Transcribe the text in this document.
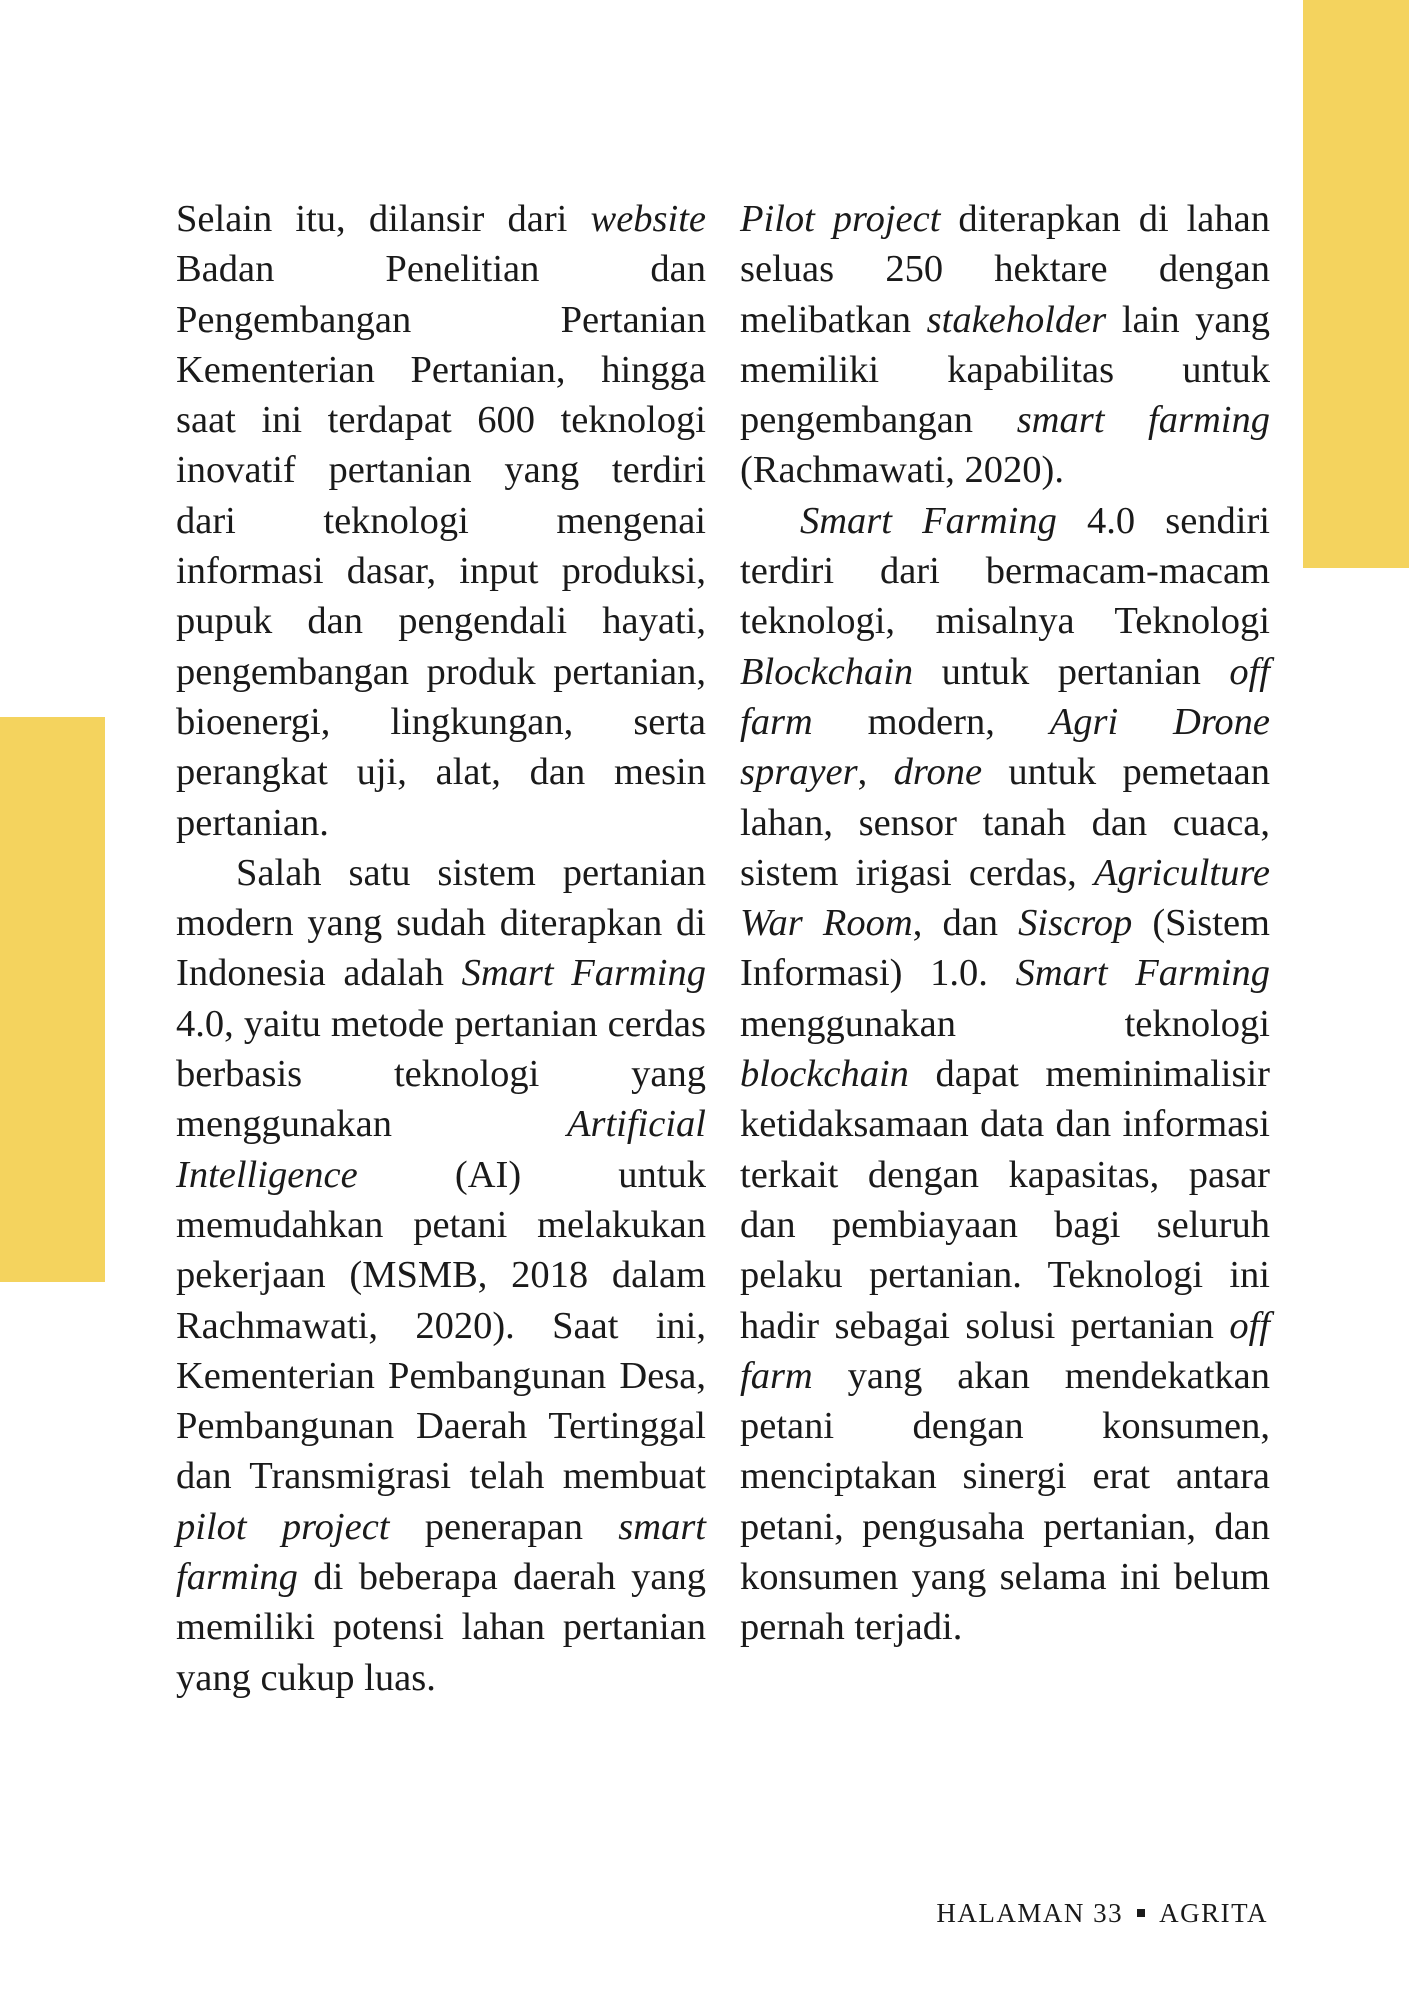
Selain itu, dilansir dari website Badan Penelitian dan Pengembangan Pertanian Kementerian Pertanian, hingga saat ini terdapat 600 teknologi inovatif pertanian yang terdiri dari teknologi mengenai informasi dasar, input produksi, pupuk dan pengendali hayati, pengembangan produk pertanian, bioenergi, lingkungan, serta perangkat uji, alat, dan mesin pertanian.

Salah satu sistem pertanian modern yang sudah diterapkan di Indonesia adalah Smart Farming 4.0, yaitu metode pertanian cerdas berbasis teknologi yang menggunakan Artificial Intelligence (AI) untuk memudahkan petani melakukan pekerjaan (MSMB, 2018 dalam Rachmawati, 2020). Saat ini, Kementerian Pembangunan Desa, Pembangunan Daerah Tertinggal dan Transmigrasi telah membuat pilot project penerapan smart farming di beberapa daerah yang memiliki potensi lahan pertanian yang cukup luas.

Pilot project diterapkan di lahan seluas 250 hektare dengan melibatkan stakeholder lain yang memiliki kapabilitas untuk pengembangan smart farming (Rachmawati, 2020).

Smart Farming 4.0 sendiri terdiri dari bermacam-macam teknologi, misalnya Teknologi Blockchain untuk pertanian off farm modern, Agri Drone sprayer, drone untuk pemetaan lahan, sensor tanah dan cuaca, sistem irigasi cerdas, Agriculture War Room, dan Siscrop (Sistem Informasi) 1.0. Smart Farming menggunakan teknologi blockchain dapat meminimalisir ketidaksamaan data dan informasi terkait dengan kapasitas, pasar dan pembiayaan bagi seluruh pelaku pertanian. Teknologi ini hadir sebagai solusi pertanian off farm yang akan mendekatkan petani dengan konsumen, menciptakan sinergi erat antara petani, pengusaha pertanian, dan konsumen yang selama ini belum pernah terjadi.

HALAMAN 33 AGRITA
